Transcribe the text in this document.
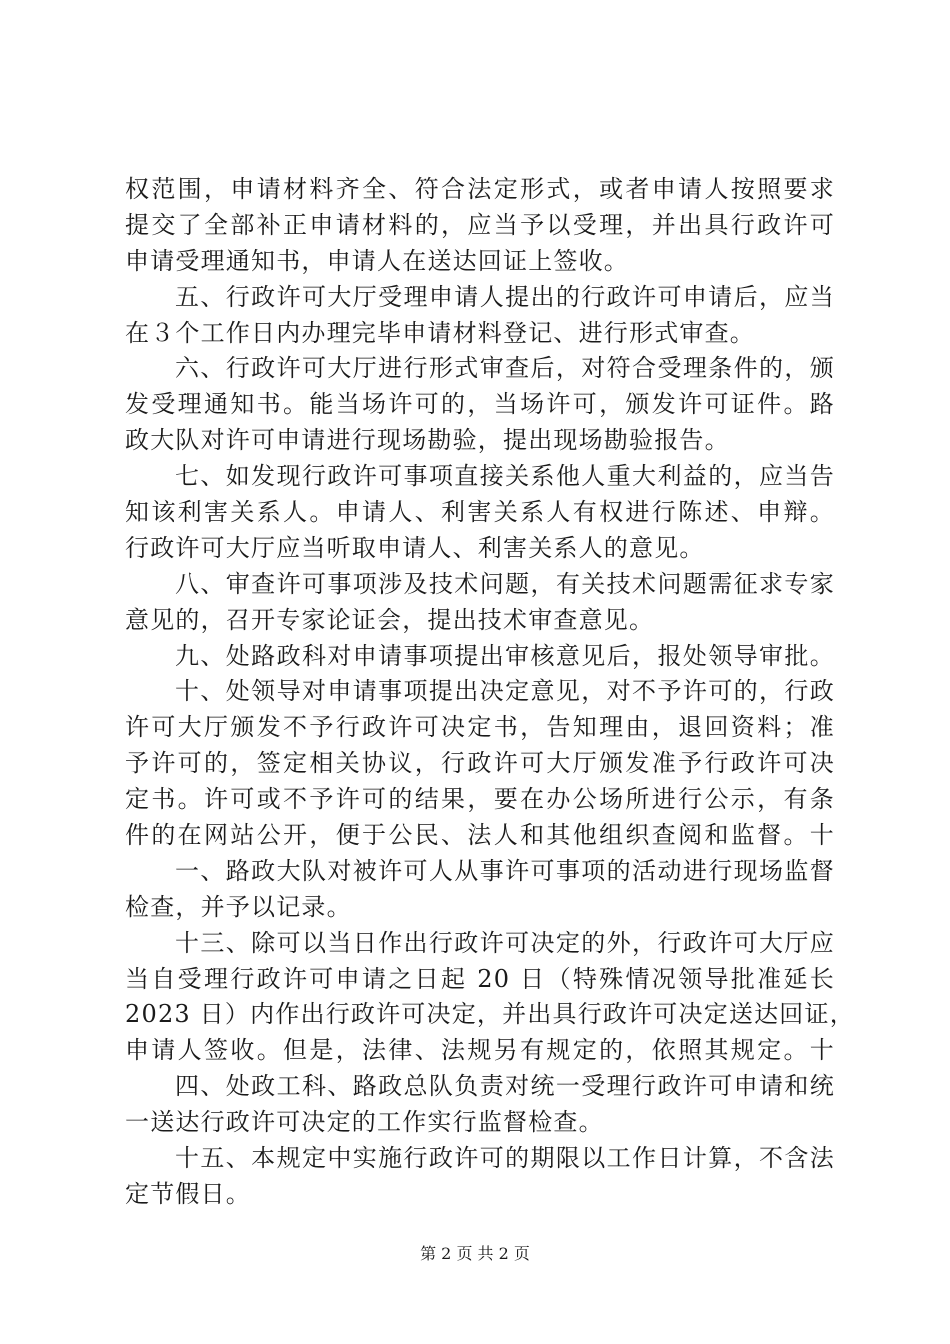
权范围，申请材料齐全、符合法定形式，或者申请人按照要求
提交了全部补正申请材料的，应当予以受理，并出具行政许可
申请受理通知书，申请人在送达回证上签收。
五、行政许可大厅受理申请人提出的行政许可申请后，应当
在３个工作日内办理完毕申请材料登记、进行形式审查。
六、行政许可大厅进行形式审查后，对符合受理条件的，颁
发受理通知书。能当场许可的，当场许可，颁发许可证件。路
政大队对许可申请进行现场勘验，提出现场勘验报告。
七、如发现行政许可事项直接关系他人重大利益的，应当告
知该利害关系人。申请人、利害关系人有权进行陈述、申辩。
行政许可大厅应当听取申请人、利害关系人的意见。
八、审查许可事项涉及技术问题，有关技术问题需征求专家
意见的，召开专家论证会，提出技术审查意见。
九、处路政科对申请事项提出审核意见后，报处领导审批。
十、处领导对申请事项提出决定意见，对不予许可的，行政
许可大厅颁发不予行政许可决定书，告知理由，退回资料；准
予许可的，签定相关协议，行政许可大厅颁发准予行政许可决
定书。许可或不予许可的结果，要在办公场所进行公示，有条
件的在网站公开，便于公民、法人和其他组织查阅和监督。十
一、路政大队对被许可人从事许可事项的活动进行现场监督
检查，并予以记录。
十三、除可以当日作出行政许可决定的外，行政许可大厅应
当自受理行政许可申请之日起 20 日（特殊情况领导批准延长
2023 日）内作出行政许可决定，并出具行政许可决定送达回证，
申请人签收。但是，法律、法规另有规定的，依照其规定。十
四、处政工科、路政总队负责对统一受理行政许可申请和统
一送达行政许可决定的工作实行监督检查。
十五、本规定中实施行政许可的期限以工作日计算，不含法
定节假日。
第 2 页 共 2 页
